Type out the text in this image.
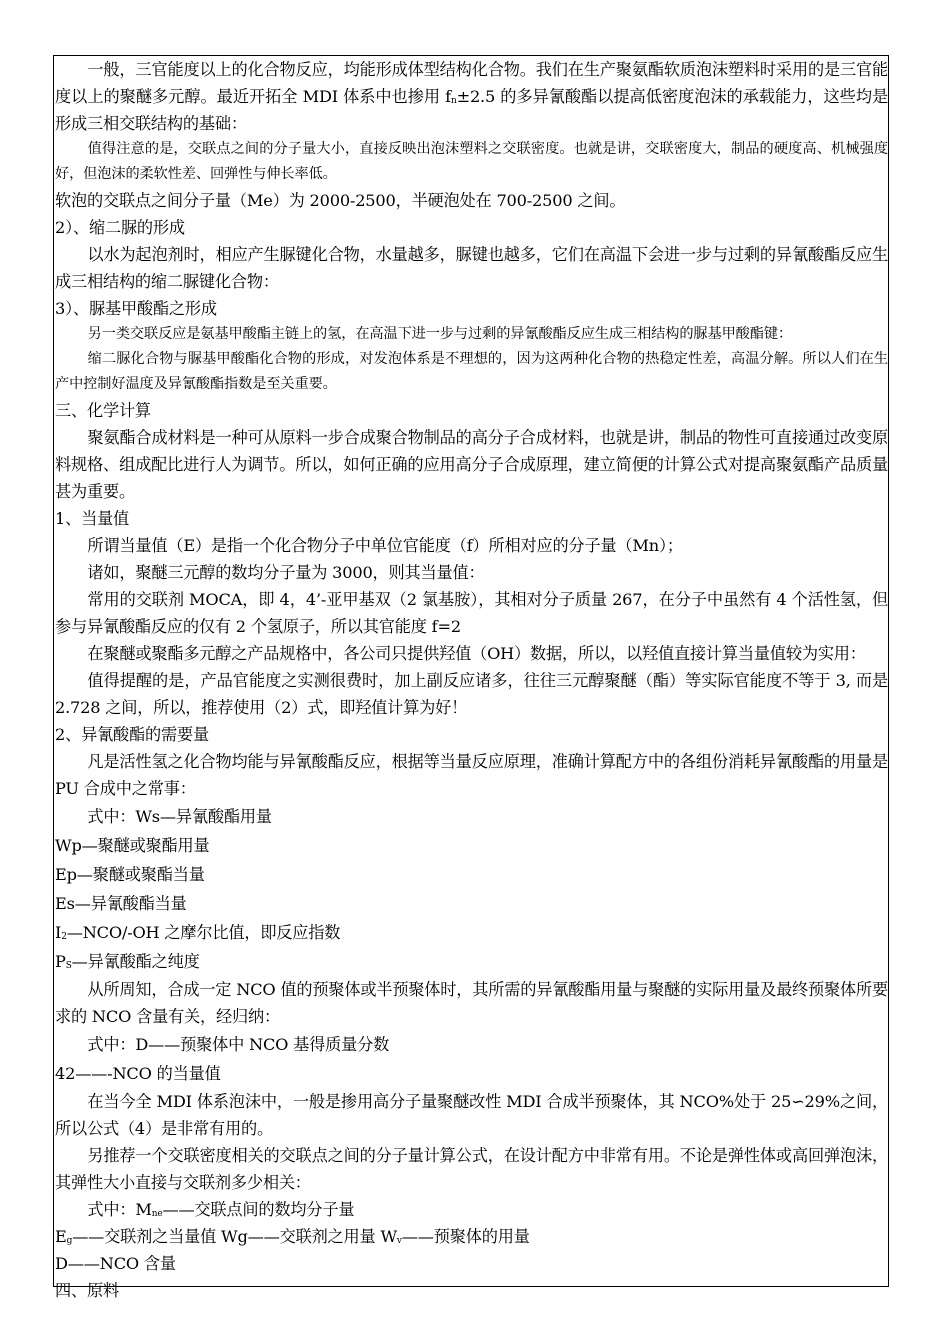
一般，三官能度以上的化合物反应，均能形成体型结构化合物。我们在生产聚氨酯软质泡沫塑料时采用的是三官能度以上的聚醚多元醇。最近开拓全 MDI 体系中也掺用 $f_n\pm 2.5$ 的多异氰酸酯以提高低密度泡沫的承载能力，这些均是形成三相交联结构的基础：

值得注意的是，交联点之间的分子量大小，直接反映出泡沫塑料之交联密度。也就是讲，交联密度大，制品的硬度高、机械强度好，但泡沫的柔软性差、回弹性与伸长率低。

软泡的交联点之间分子量（Me）为 2000-2500，半硬泡处在 700-2500 之间。

2）、缩二脲的形成

以水为起泡剂时，相应产生脲键化合物，水量越多，脲键也越多，它们在高温下会进一步与过剩的异氰酸酯反应生成三相结构的缩二脲键化合物：

3）、脲基甲酸酯之形成

另一类交联反应是氨基甲酸酯主链上的氢，在高温下进一步与过剩的异氰酸酯反应生成三相结构的脲基甲酸酯键：

缩二脲化合物与脲基甲酸酯化合物的形成，对发泡体系是不理想的，因为这两种化合物的热稳定性差，高温分解。所以人们在生产中控制好温度及异氰酸酯指数是至关重要。

三、化学计算

聚氨酯合成材料是一种可从原料一步合成聚合物制品的高分子合成材料，也就是讲，制品的物性可直接通过改变原料规格、组成配比进行人为调节。所以，如何正确的应用高分子合成原理，建立简便的计算公式对提高聚氨酯产品质量甚为重要。

1、当量值

所谓当量值（E）是指一个化合物分子中单位官能度（f）所相对应的分子量（Mn）；

诸如，聚醚三元醇的数均分子量为 3000，则其当量值：

常用的交联剂 MOCA，即 4，4’-亚甲基双（2 氯基胺），其相对分子质量 267，在分子中虽然有 4 个活性氢，但参与异氰酸酯反应的仅有 2 个氢原子，所以其官能度 f=2

在聚醚或聚酯多元醇之产品规格中，各公司只提供羟值（OH）数据，所以，以羟值直接计算当量值较为实用：

值得提醒的是，产品官能度之实测很费时，加上副反应诸多，往往三元醇聚醚（酯）等实际官能度不等于 3, 而是 2.728 之间，所以，推荐使用（2）式，即羟值计算为好！

2、异氰酸酯的需要量

凡是活性氢之化合物均能与异氰酸酯反应，根据等当量反应原理，准确计算配方中的各组份消耗异氰酸酯的用量是 PU 合成中之常事：

式中：Ws—异氰酸酯用量

Wp—聚醚或聚酯用量

Ep—聚醚或聚酯当量

Es—异氰酸酯当量

$I_2—NCO/-OH$ 之摩尔比值，即反应指数

$P_S—$异氰酸酯之纯度

从所周知，合成一定 NCO 值的预聚体或半预聚体时，其所需的异氰酸酯用量与聚醚的实际用量及最终预聚体所要求的 NCO 含量有关，经归纳：

式中：D——预聚体中 NCO 基得质量分数

42——-NCO 的当量值

在当今全 MDI 体系泡沫中，一般是掺用高分子量聚醚改性 MDI 合成半预聚体，其 NCO%处于 25∽29%之间，所以公式（4）是非常有用的。

另推荐一个交联密度相关的交联点之间的分子量计算公式，在设计配方中非常有用。不论是弹性体或高回弹泡沫，其弹性大小直接与交联剂多少相关：

式中：$M_{ne}——$交联点间的数均分子量

$E_g——$交联剂之当量值 Wg——交联剂之用量 $W_v——$预聚体的用量

D——NCO 含量

四、原料
